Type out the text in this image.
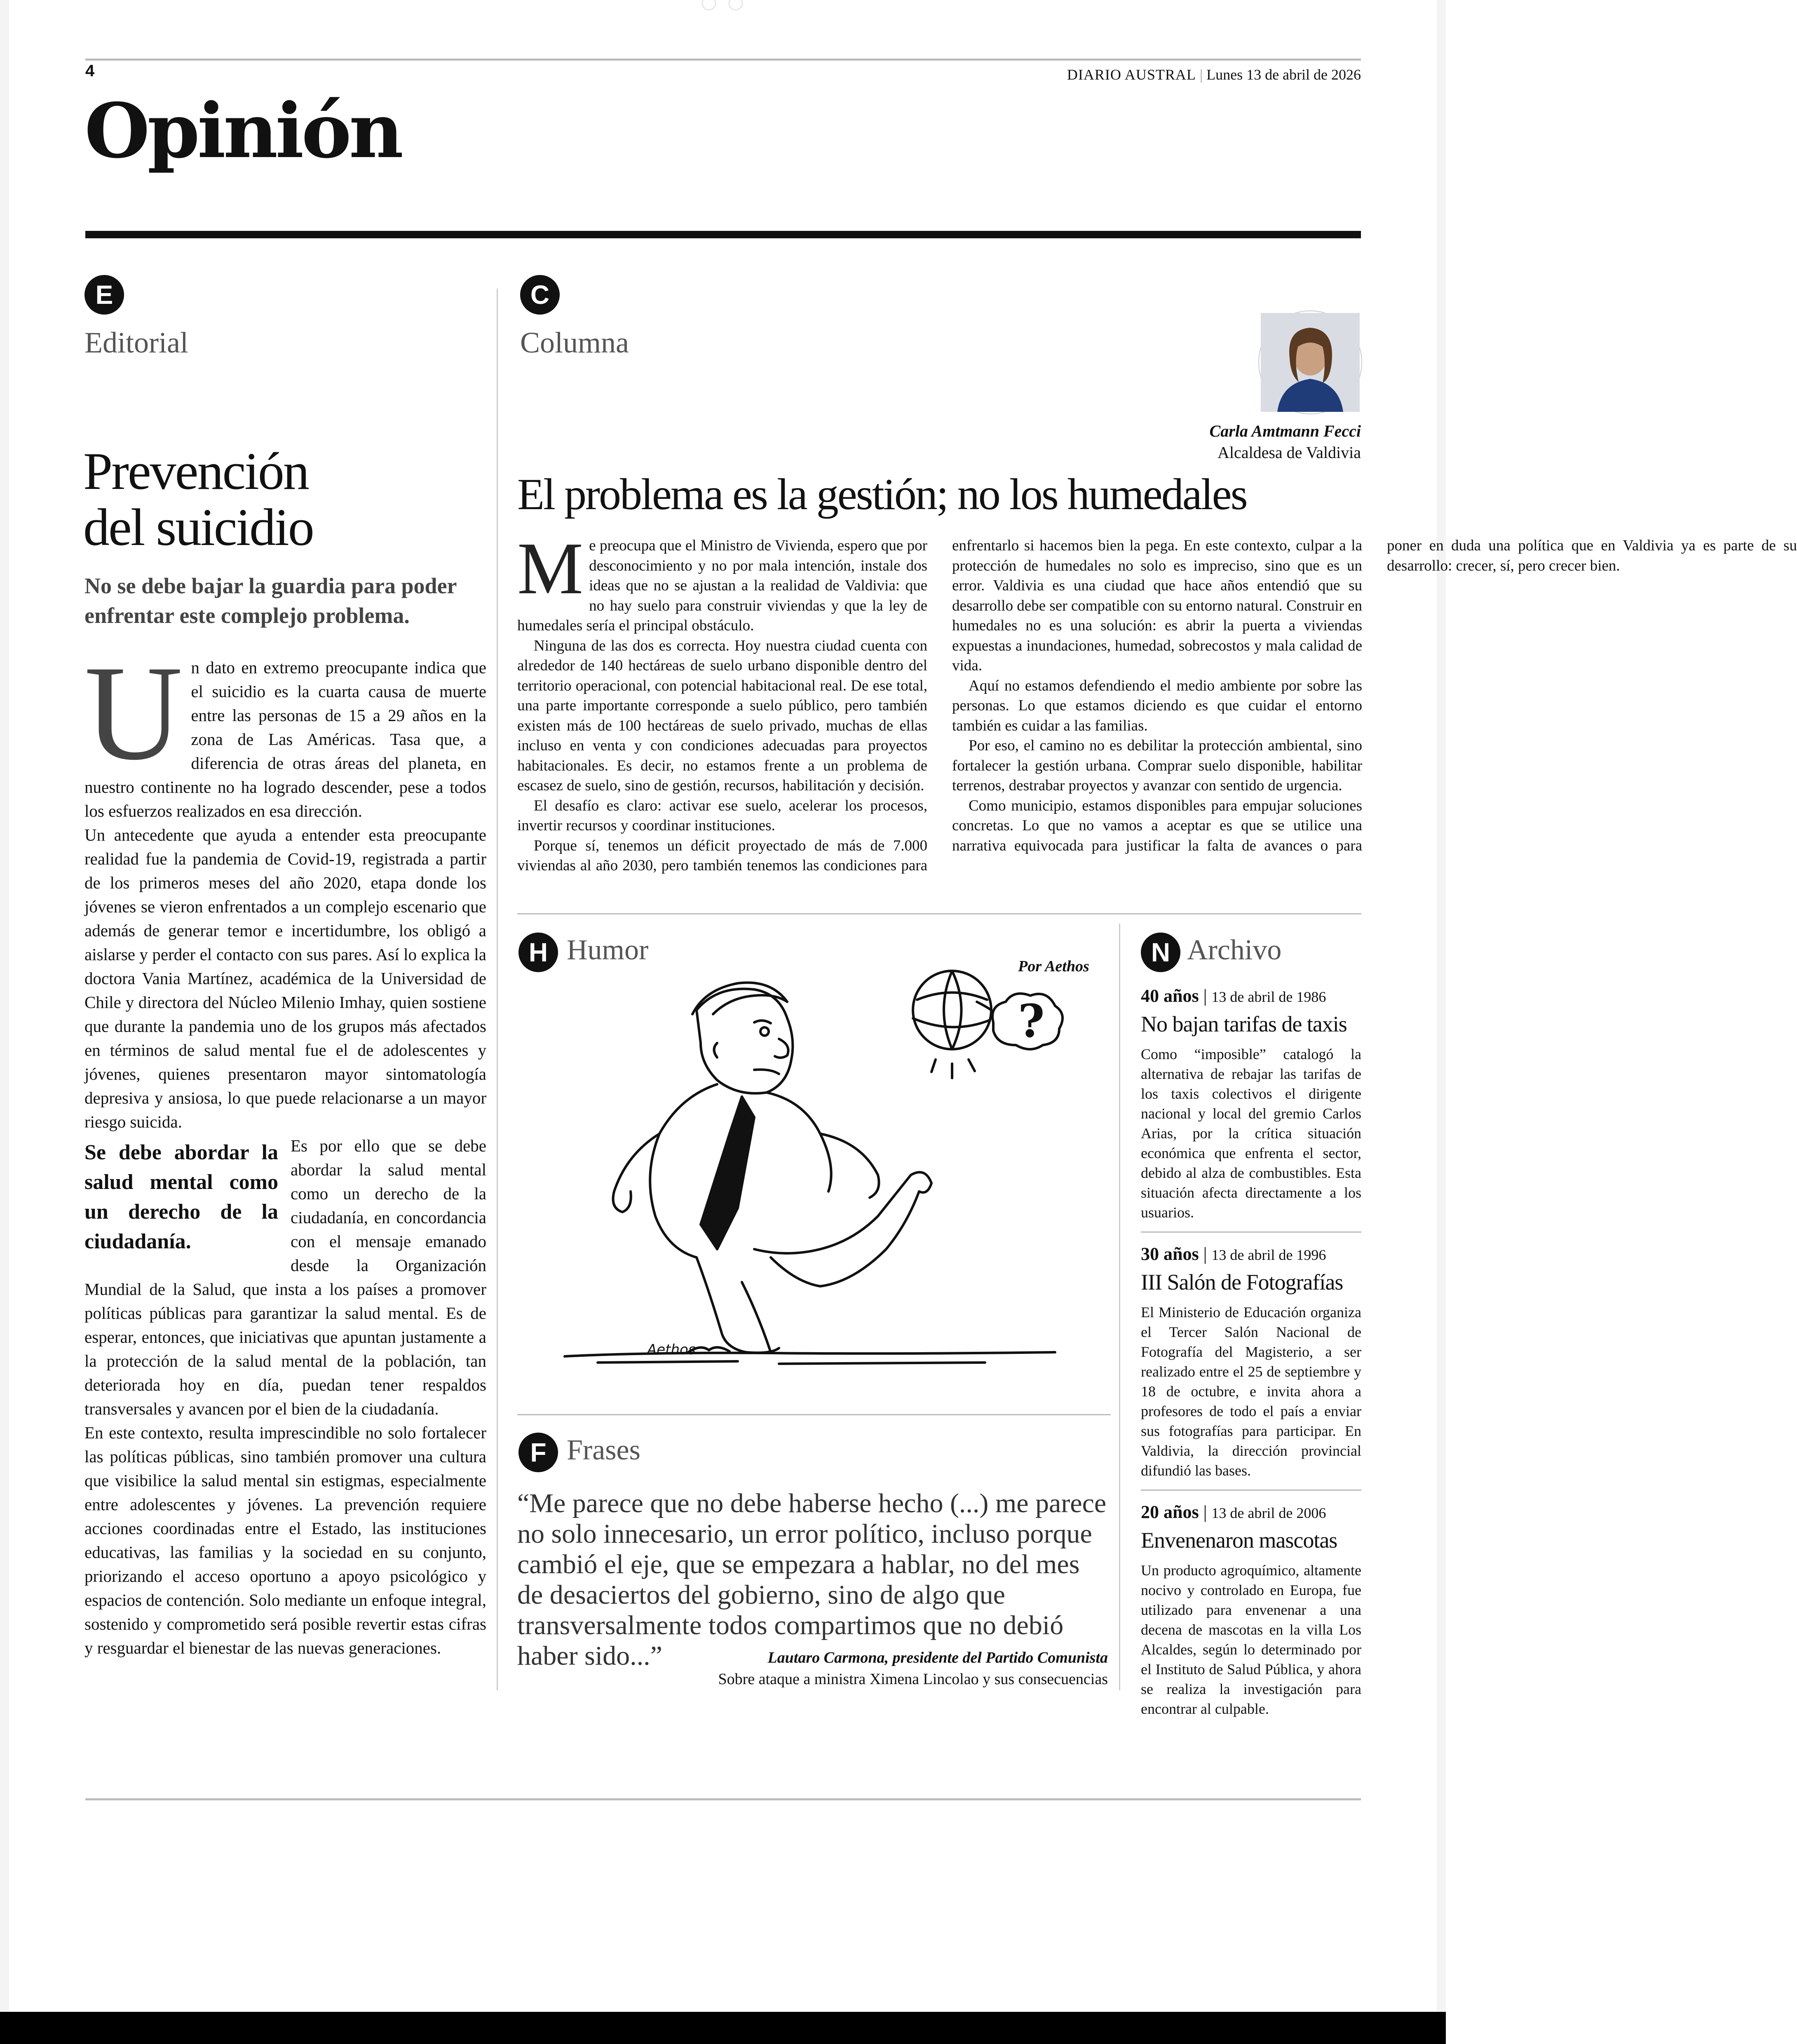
4	DIARIO AUSTRAL | Lunes 13 de abril de 2026
Opinión
E
Editorial
Prevención
del suicidio
No se debe bajar la guardia para poder enfrentar este complejo problema.

Un dato en extremo preocupante indica que el suicidio es la cuarta causa de muerte entre las personas de 15 a 29 años en la zona de Las Américas. Tasa que, a diferencia de otras áreas del planeta, en nuestro continente no ha logrado descender, pese a todos los esfuerzos realizados en esa dirección.

Un antecedente que ayuda a entender esta preocupante realidad fue la pandemia de Covid-19, registrada a partir de los primeros meses del año 2020, etapa donde los jóvenes se vieron enfrentados a un complejo escenario que además de generar temor e incertidumbre, los obligó a aislarse y perder el contacto con sus pares. Así lo explica la doctora Vania Martínez, académica de la Universidad de Chile y directora del Núcleo Milenio Imhay, quien sostiene que durante la pandemia uno de los grupos más afectados en términos de salud mental fue el de adolescentes y jóvenes, quienes presentaron mayor sintomatología depresiva y ansiosa, lo que puede relacionarse a un mayor riesgo suicida.

Se debe abordar la salud mental como un derecho de la ciudadanía.
Es por ello que se debe abordar la salud mental como un derecho de la ciudadanía, en concordancia con el mensaje emanado desde la Organización Mundial de la Salud, que insta a los países a promover políticas públicas para garantizar la salud mental. Es de esperar, entonces, que iniciativas que apuntan justamente a la protección de la salud mental de la población, tan deteriorada hoy en día, puedan tener respaldos transversales y avancen por el bien de la ciudadanía.

En este contexto, resulta imprescindible no solo fortalecer las políticas públicas, sino también promover una cultura que visibilice la salud mental sin estigmas, especialmente entre adolescentes y jóvenes. La prevención requiere acciones coordinadas entre el Estado, las instituciones educativas, las familias y la sociedad en su conjunto, priorizando el acceso oportuno a apoyo psicológico y espacios de contención. Solo mediante un enfoque integral, sostenido y comprometido será posible revertir estas cifras y resguardar el bienestar de las nuevas generaciones.

C
Columna
Carla Amtmann Fecci
Alcaldesa de Valdivia
El problema es la gestión; no los humedales

Me preocupa que el Ministro de Vivienda, espero que por desconocimiento y no por mala intención, instale dos ideas que no se ajustan a la realidad de Valdivia: que no hay suelo para construir viviendas y que la ley de humedales sería el principal obstáculo.

Ninguna de las dos es correcta. Hoy nuestra ciudad cuenta con alrededor de 140 hectáreas de suelo urbano disponible dentro del territorio operacional, con potencial habitacional real. De ese total, una parte importante corresponde a suelo público, pero también existen más de 100 hectáreas de suelo privado, muchas de ellas incluso en venta y con condiciones adecuadas para proyectos habitacionales. Es decir, no estamos frente a un problema de escasez de suelo, sino de gestión, recursos, habilitación y decisión.

El desafío es claro: activar ese suelo, acelerar los procesos, invertir recursos y coordinar instituciones.

Porque sí, tenemos un déficit proyectado de más de 7.000 viviendas al año 2030, pero también tenemos las condiciones para enfrentarlo si hacemos bien la pega. En este contexto, culpar a la protección de humedales no solo es impreciso, sino que es un error. Valdivia es una ciudad que hace años entendió que su desarrollo debe ser compatible con su entorno natural. Construir en humedales no es una solución: es abrir la puerta a viviendas expuestas a inundaciones, humedad, sobrecostos y mala calidad de vida.

Aquí no estamos defendiendo el medio ambiente por sobre las personas. Lo que estamos diciendo es que cuidar el entorno también es cuidar a las familias.

Por eso, el camino no es debilitar la protección ambiental, sino fortalecer la gestión urbana. Comprar suelo disponible, habilitar terrenos, destrabar proyectos y avanzar con sentido de urgencia.

Como municipio, estamos disponibles para empujar soluciones concretas. Lo que no vamos a aceptar es que se utilice una narrativa equivocada para justificar la falta de avances o para poner en duda una política que en Valdivia ya es parte de su desarrollo: crecer, sí, pero crecer bien.

H Humor
Por Aethos
?
Aethos
F Frases
“Me parece que no debe haberse hecho (...) me parece no solo innecesario, un error político, incluso porque cambió el eje, que se empezara a hablar, no del mes de desaciertos del gobierno, sino de algo que transversalmente todos compartimos que no debió haber sido...”	Lautaro Carmona, presidente del Partido Comunista
Sobre ataque a ministra Ximena Lincolao y sus consecuencias
N Archivo
40 años | 13 de abril de 1986
No bajan tarifas de taxis
Como “imposible” catalogó la alternativa de rebajar las tarifas de los taxis colectivos el dirigente nacional y local del gremio Carlos Arias, por la crítica situación económica que enfrenta el sector, debido al alza de combustibles. Esta situación afecta directamente a los usuarios.
30 años | 13 de abril de 1996
III Salón de Fotografías
El Ministerio de Educación organiza el Tercer Salón Nacional de Fotografía del Magisterio, a ser realizado entre el 25 de septiembre y 18 de octubre, e invita ahora a profesores de todo el país a enviar sus fotografías para participar. En Valdivia, la dirección provincial difundió las bases.
20 años | 13 de abril de 2006
Envenenaron mascotas
Un producto agroquímico, altamente nocivo y controlado en Europa, fue utilizado para envenenar a una decena de mascotas en la villa Los Alcaldes, según lo determinado por el Instituto de Salud Pública, y ahora se realiza la investigación para encontrar al culpable.
